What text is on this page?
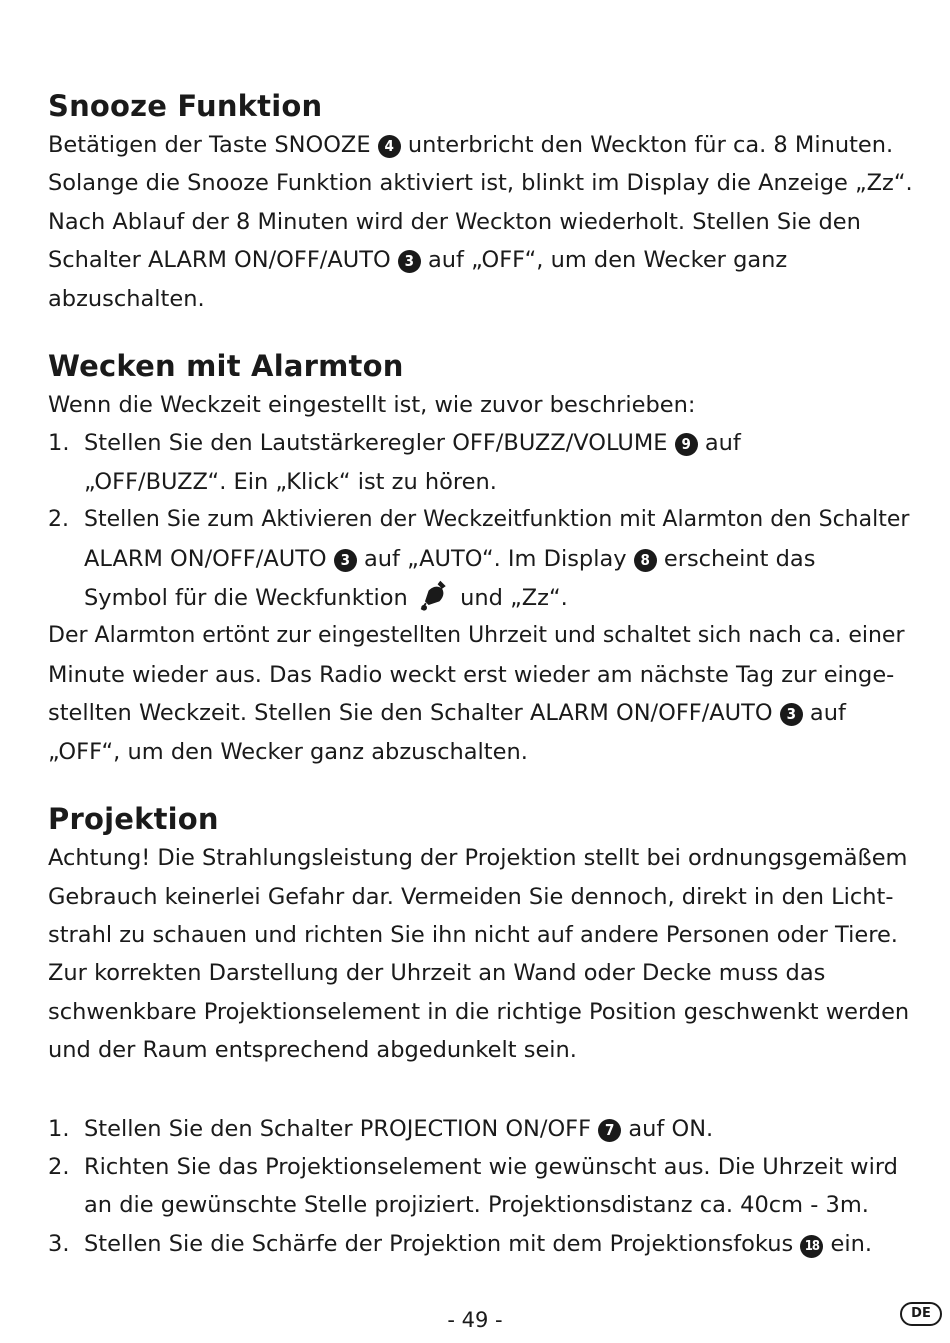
Snooze Funktion
Betätigen der Taste SNOOZE 4 unterbricht den Weckton für ca. 8 Minuten.
Solange die Snooze Funktion aktiviert ist, blinkt im Display die Anzeige „Zz“.
Nach Ablauf der 8 Minuten wird der Weckton wiederholt. Stellen Sie den
Schalter ALARM ON/OFF/AUTO 3 auf „OFF“, um den Wecker ganz
abzuschalten.
Wecken mit Alarmton
Wenn die Weckzeit eingestellt ist, wie zuvor beschrieben:
1. Stellen Sie den Lautstärkeregler OFF/BUZZ/VOLUME 9 auf
„OFF/BUZZ“. Ein „Klick“ ist zu hören.
2. Stellen Sie zum Aktivieren der Weckzeitfunktion mit Alarmton den Schalter
ALARM ON/OFF/AUTO 3 auf „AUTO“. Im Display 8 erscheint das
Symbol für die Weckfunktion  und „Zz“.
Der Alarmton ertönt zur eingestellten Uhrzeit und schaltet sich nach ca. einer
Minute wieder aus. Das Radio weckt erst wieder am nächste Tag zur einge-
stellten Weckzeit. Stellen Sie den Schalter ALARM ON/OFF/AUTO 3 auf
„OFF“, um den Wecker ganz abzuschalten.
Projektion
Achtung! Die Strahlungsleistung der Projektion stellt bei ordnungsgemäßem
Gebrauch keinerlei Gefahr dar. Vermeiden Sie dennoch, direkt in den Licht-
strahl zu schauen und richten Sie ihn nicht auf andere Personen oder Tiere.
Zur korrekten Darstellung der Uhrzeit an Wand oder Decke muss das
schwenkbare Projektionselement in die richtige Position geschwenkt werden
und der Raum entsprechend abgedunkelt sein.
1. Stellen Sie den Schalter PROJECTION ON/OFF 7 auf ON.
2. Richten Sie das Projektionselement wie gewünscht aus. Die Uhrzeit wird
an die gewünschte Stelle projiziert. Projektionsdistanz ca. 40cm - 3m.
3. Stellen Sie die Schärfe der Projektion mit dem Projektionsfokus 18 ein.
- 49 -	DE
